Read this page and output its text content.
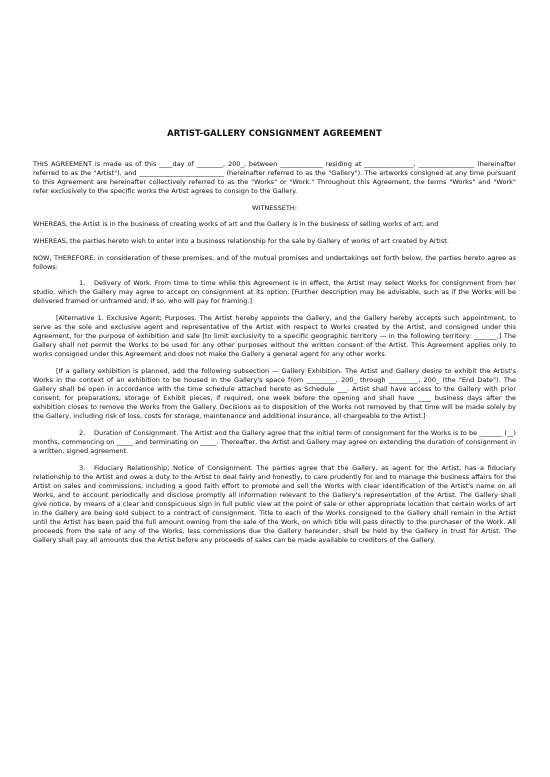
ARTIST-GALLERY CONSIGNMENT AGREEMENT

THIS AGREEMENT is made as of this ____day of ________, 200_, between _____________ residing at _______________, _________________ (hereinafter referred to as the "Artist"), and __________________________ (hereinafter referred to as the "Gallery"). The artworks consigned at any time pursuant to this Agreement are hereinafter collectively referred to as the "Works" or "Work." Throughout this Agreement, the terms "Works" and "Work" refer exclusively to the specific works the Artist agrees to consign to the Gallery.

WITNESSETH:

WHEREAS, the Artist is in the business of creating works of art and the Gallery is in the business of selling works of art; and

WHEREAS, the parties hereto wish to enter into a business relationship for the sale by Gallery of works of art created by Artist.

NOW, THEREFORE, in consideration of these premises, and of the mutual promises and undertakings set forth below, the parties hereto agree as follows:

1. Delivery of Work. From time to time while this Agreement is in effect, the Artist may select Works for consignment from her studio, which the Gallery may agree to accept on consignment at its option. [Further description may be advisable, such as if the Works will be delivered framed or unframed and, if so, who will pay for framing.]

[Alternative 1. Exclusive Agent; Purposes. The Artist hereby appoints the Gallery, and the Gallery hereby accepts such appointment, to serve as the sole and exclusive agent and representative of the Artist with respect to Works created by the Artist, and consigned under this Agreement, for the purpose of exhibition and sale [to limit exclusivity to a specific geographic territory — in the following territory: _______.] The Gallery shall not permit the Works to be used for any other purposes without the written consent of the Artist. This Agreement applies only to works consigned under this Agreement and does not make the Gallery a general agent for any other works.

[If a gallery exhibition is planned, add the following subsection — Gallery Exhibition. The Artist and Gallery desire to exhibit the Artist's Works in the context of an exhibition to be housed in the Gallery's space from _________, 200_ through _________, 200_ (the "End Date"). The Gallery shall be open in accordance with the time schedule attached hereto as Schedule ___. Artist shall have access to the Gallery with prior consent, for preparations, storage of Exhibit pieces, if required, one week before the opening and shall have ____ business days after the exhibition closes to remove the Works from the Gallery. Decisions as to disposition of the Works not removed by that time will be made solely by the Gallery, including risk of loss, costs for storage, maintenance and additional insurance, all chargeable to the Artist.]

2. Duration of Consignment. The Artist and the Gallery agree that the initial term of consignment for the Works is to be _______ (__) months, commencing on _____ and terminating on _____. Thereafter, the Artist and Gallery may agree on extending the duration of consignment in a written, signed agreement.

3. Fiduciary Relationship; Notice of Consignment. The parties agree that the Gallery, as agent for the Artist, has a fiduciary relationship to the Artist and owes a duty to the Artist to deal fairly and honestly, to care prudently for and to manage the business affairs for the Artist on sales and commissions, including a good faith effort to promote and sell the Works with clear identification of the Artist's name on all Works, and to account periodically and disclose promptly all information relevant to the Gallery's representation of the Artist. The Gallery shall give notice, by means of a clear and conspicuous sign in full public view at the point of sale or other appropriate location that certain works of art in the Gallery are being sold subject to a contract of consignment. Title to each of the Works consigned to the Gallery shall remain in the Artist until the Artist has been paid the full amount owning from the sale of the Work, on which title will pass directly to the purchaser of the Work. All proceeds from the sale of any of the Works, less commissions due the Gallery hereunder, shall be held by the Gallery in trust for Artist. The Gallery shall pay all amounts due the Artist before any proceeds of sales can be made available to creditors of the Gallery.
